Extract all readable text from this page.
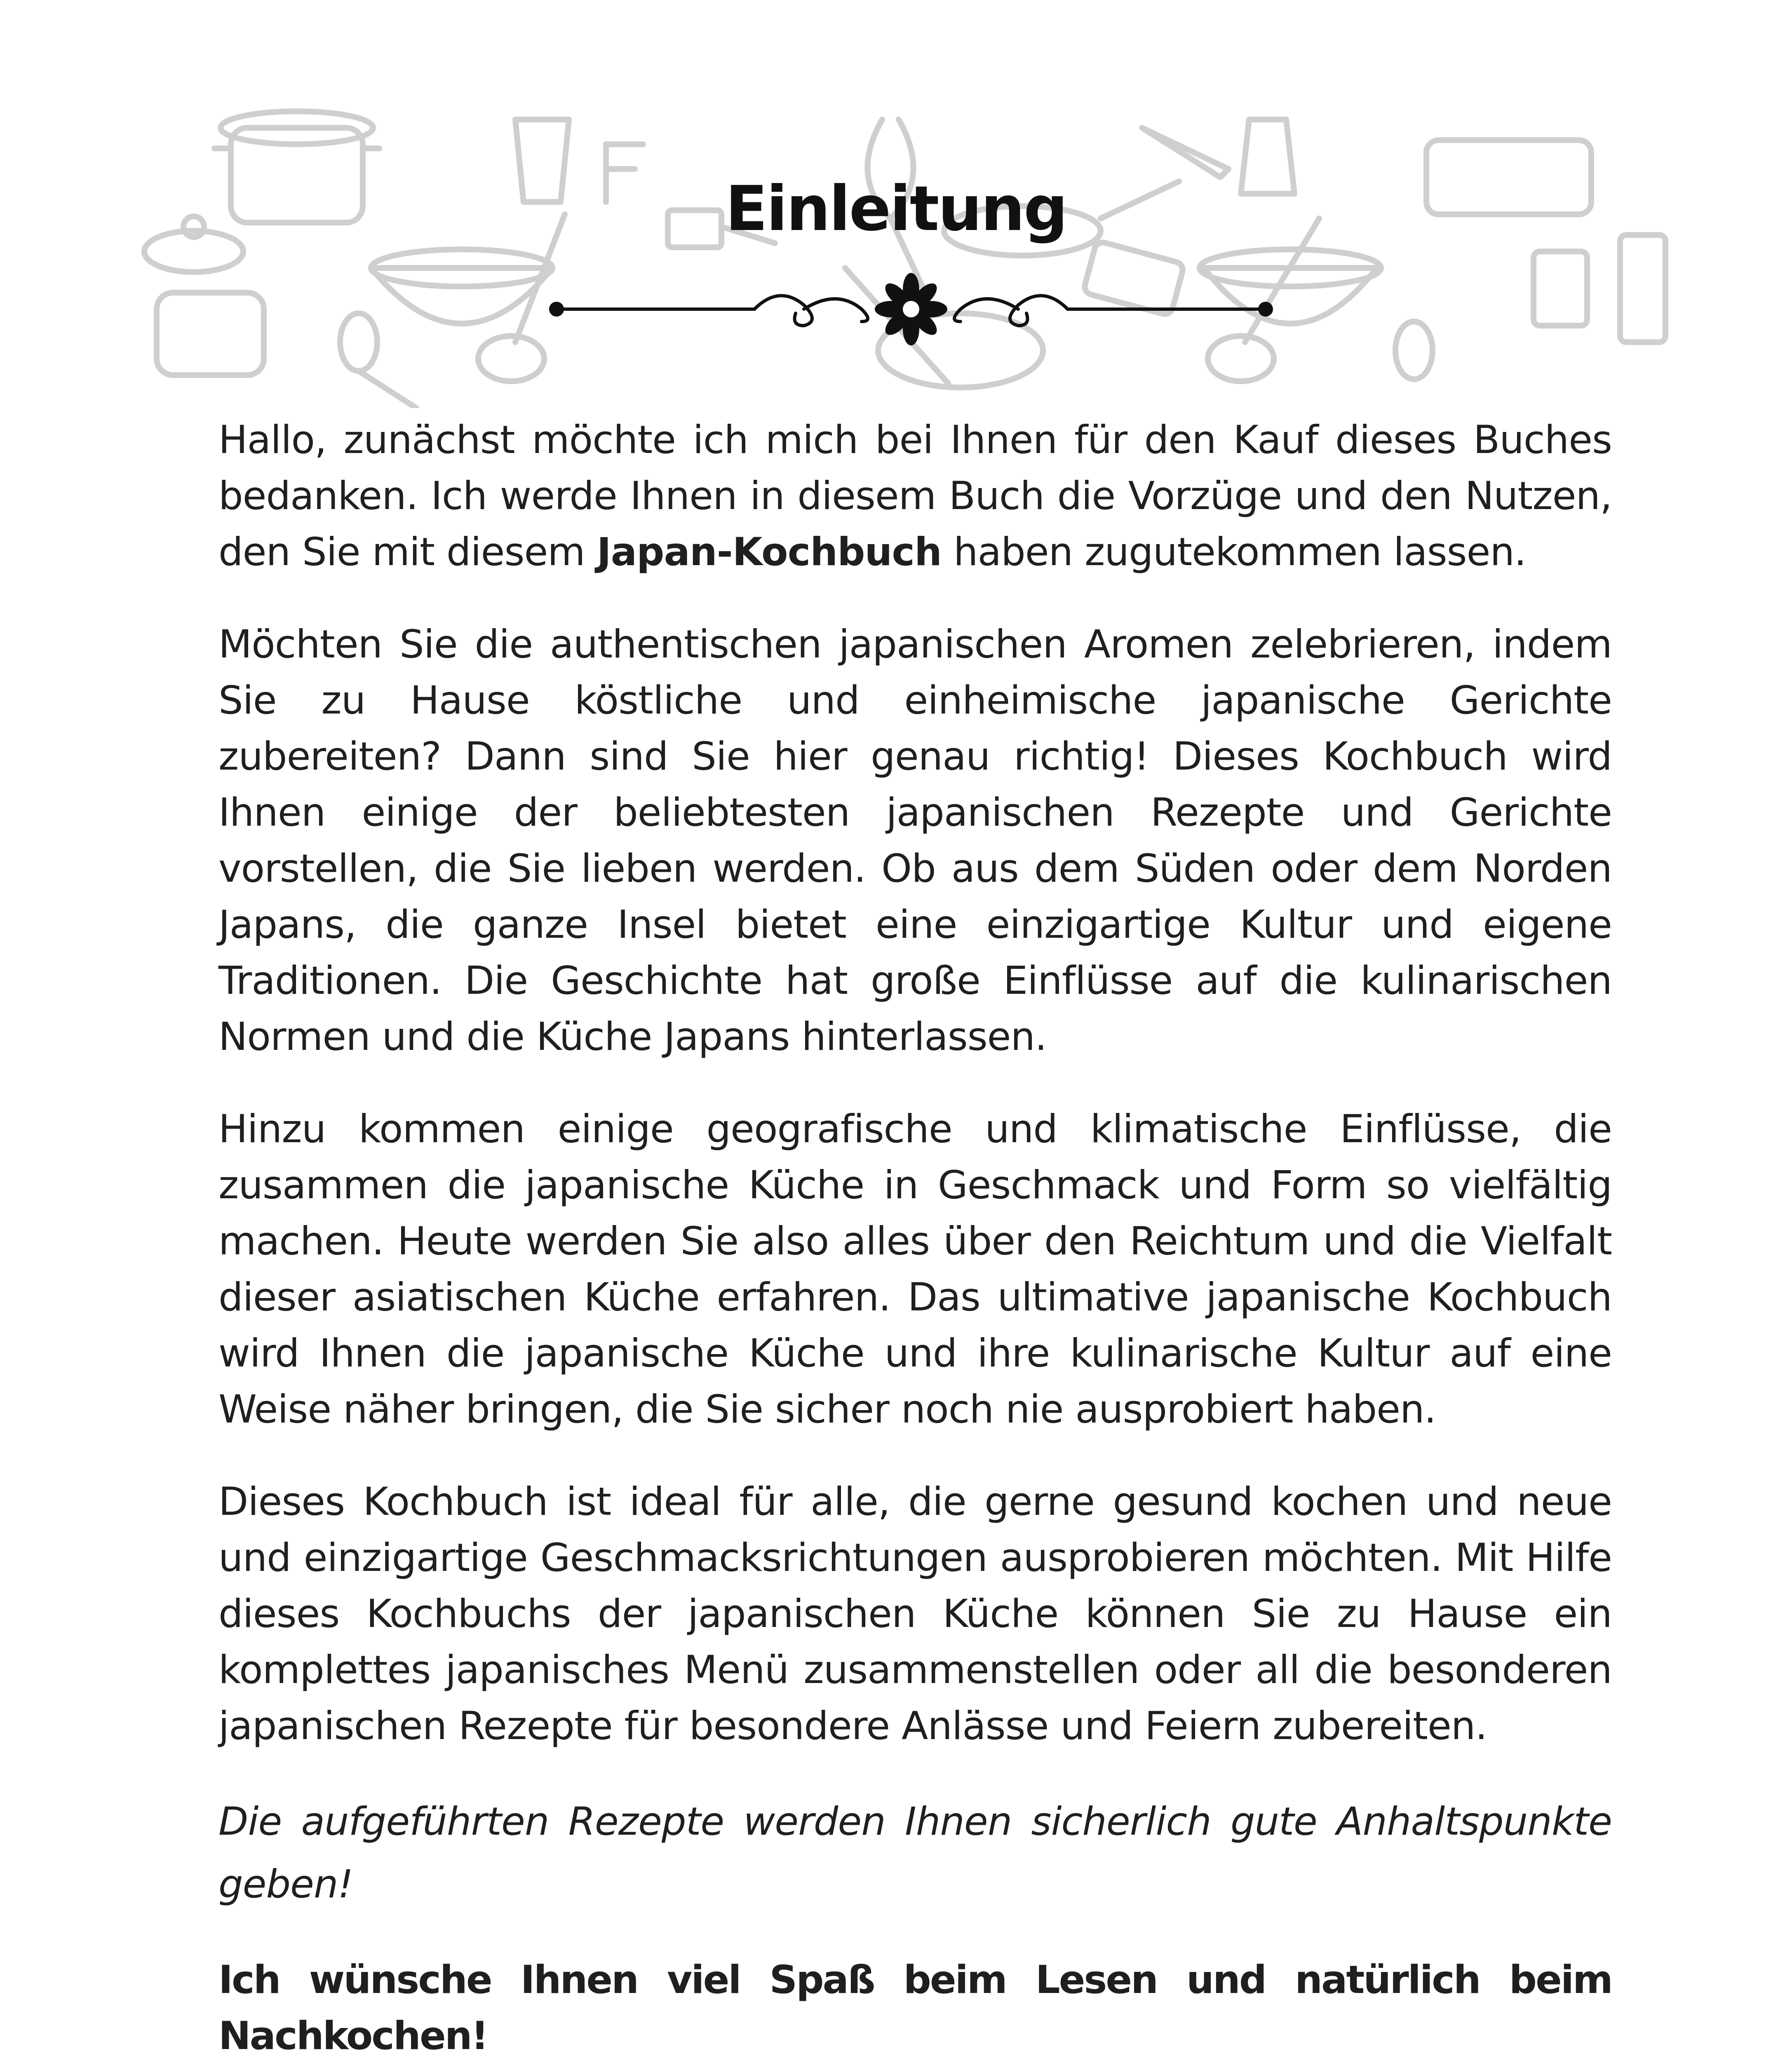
Einleitung

Hallo, zunächst möchte ich mich bei Ihnen für den Kauf dieses Buches bedanken. Ich werde Ihnen in diesem Buch die Vorzüge und den Nutzen, den Sie mit diesem Japan-Kochbuch haben zugutekommen lassen.

Möchten Sie die authentischen japanischen Aromen zelebrieren, indem Sie zu Hause köstliche und einheimische japanische Gerichte zubereiten? Dann sind Sie hier genau richtig! Dieses Kochbuch wird Ihnen einige der beliebtesten japanischen Rezepte und Gerichte vorstellen, die Sie lieben werden. Ob aus dem Süden oder dem Norden Japans, die ganze Insel bietet eine einzigartige Kultur und eigene Traditionen. Die Geschichte hat große Einflüsse auf die kulinarischen Normen und die Küche Japans hinterlassen.

Hinzu kommen einige geografische und klimatische Einflüsse, die zusammen die japanische Küche in Geschmack und Form so vielfältig machen. Heute werden Sie also alles über den Reichtum und die Vielfalt dieser asiatischen Küche erfahren. Das ultimative japanische Kochbuch wird Ihnen die japanische Küche und ihre kulinarische Kultur auf eine Weise näher bringen, die Sie sicher noch nie ausprobiert haben.

Dieses Kochbuch ist ideal für alle, die gerne gesund kochen und neue und einzigartige Geschmacksrichtungen ausprobieren möchten. Mit Hilfe dieses Kochbuchs der japanischen Küche können Sie zu Hause ein komplettes japanisches Menü zusammenstellen oder all die besonderen japanischen Rezepte für besondere Anlässe und Feiern zubereiten.

Die aufgeführten Rezepte werden Ihnen sicherlich gute Anhaltspunkte geben!

Ich wünsche Ihnen viel Spaß beim Lesen und natürlich beim Nachkochen!
